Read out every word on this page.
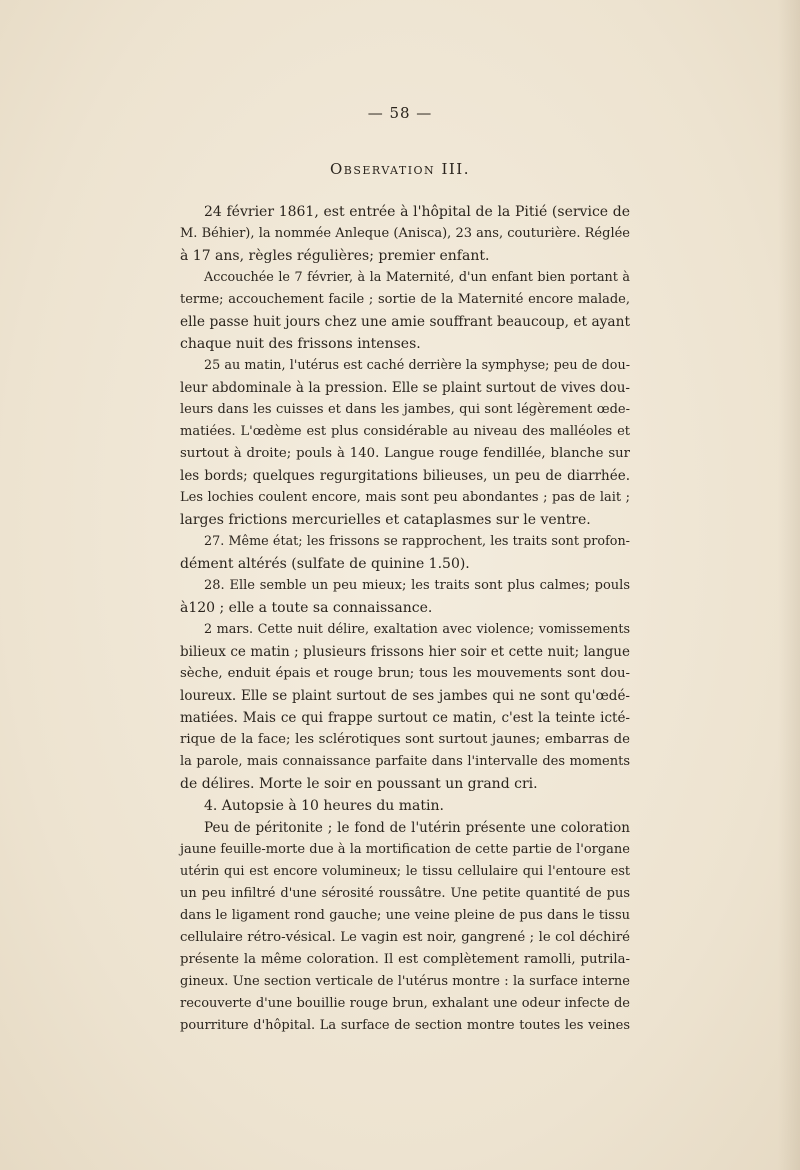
— 58 —
Observation III.
24 février 1861, est entrée à l'hôpital de la Pitié (service de
M. Béhier), la nommée Anleque (Anisca), 23 ans, couturière. Réglée
à 17 ans, règles régulières; premier enfant.
Accouchée le 7 février, à la Maternité, d'un enfant bien portant à
terme; accouchement facile ; sortie de la Maternité encore malade,
elle passe huit jours chez une amie souffrant beaucoup, et ayant
chaque nuit des frissons intenses.
25 au matin, l'utérus est caché derrière la symphyse; peu de dou-
leur abdominale à la pression. Elle se plaint surtout de vives dou-
leurs dans les cuisses et dans les jambes, qui sont légèrement œde-
matiées. L'œdème est plus considérable au niveau des malléoles et
surtout à droite; pouls à 140. Langue rouge fendillée, blanche sur
les bords; quelques regurgitations bilieuses, un peu de diarrhée.
Les lochies coulent encore, mais sont peu abondantes ; pas de lait ;
larges frictions mercurielles et cataplasmes sur le ventre.
27. Même état; les frissons se rapprochent, les traits sont profon-
dément altérés (sulfate de quinine 1.50).
28. Elle semble un peu mieux; les traits sont plus calmes; pouls
à120 ; elle a toute sa connaissance.
2 mars. Cette nuit délire, exaltation avec violence; vomissements
bilieux ce matin ; plusieurs frissons hier soir et cette nuit; langue
sèche, enduit épais et rouge brun; tous les mouvements sont dou-
loureux. Elle se plaint surtout de ses jambes qui ne sont qu'œdé-
matiées. Mais ce qui frappe surtout ce matin, c'est la teinte icté-
rique de la face; les sclérotiques sont surtout jaunes; embarras de
la parole, mais connaissance parfaite dans l'intervalle des moments
de délires. Morte le soir en poussant un grand cri.
4. Autopsie à 10 heures du matin.
Peu de péritonite ; le fond de l'utérin présente une coloration
jaune feuille-morte due à la mortification de cette partie de l'organe
utérin qui est encore volumineux; le tissu cellulaire qui l'entoure est
un peu infiltré d'une sérosité roussâtre. Une petite quantité de pus
dans le ligament rond gauche; une veine pleine de pus dans le tissu
cellulaire rétro-vésical. Le vagin est noir, gangrené ; le col déchiré
présente la même coloration. Il est complètement ramolli, putrila-
gineux. Une section verticale de l'utérus montre : la surface interne
recouverte d'une bouillie rouge brun, exhalant une odeur infecte de
pourriture d'hôpital. La surface de section montre toutes les veines
